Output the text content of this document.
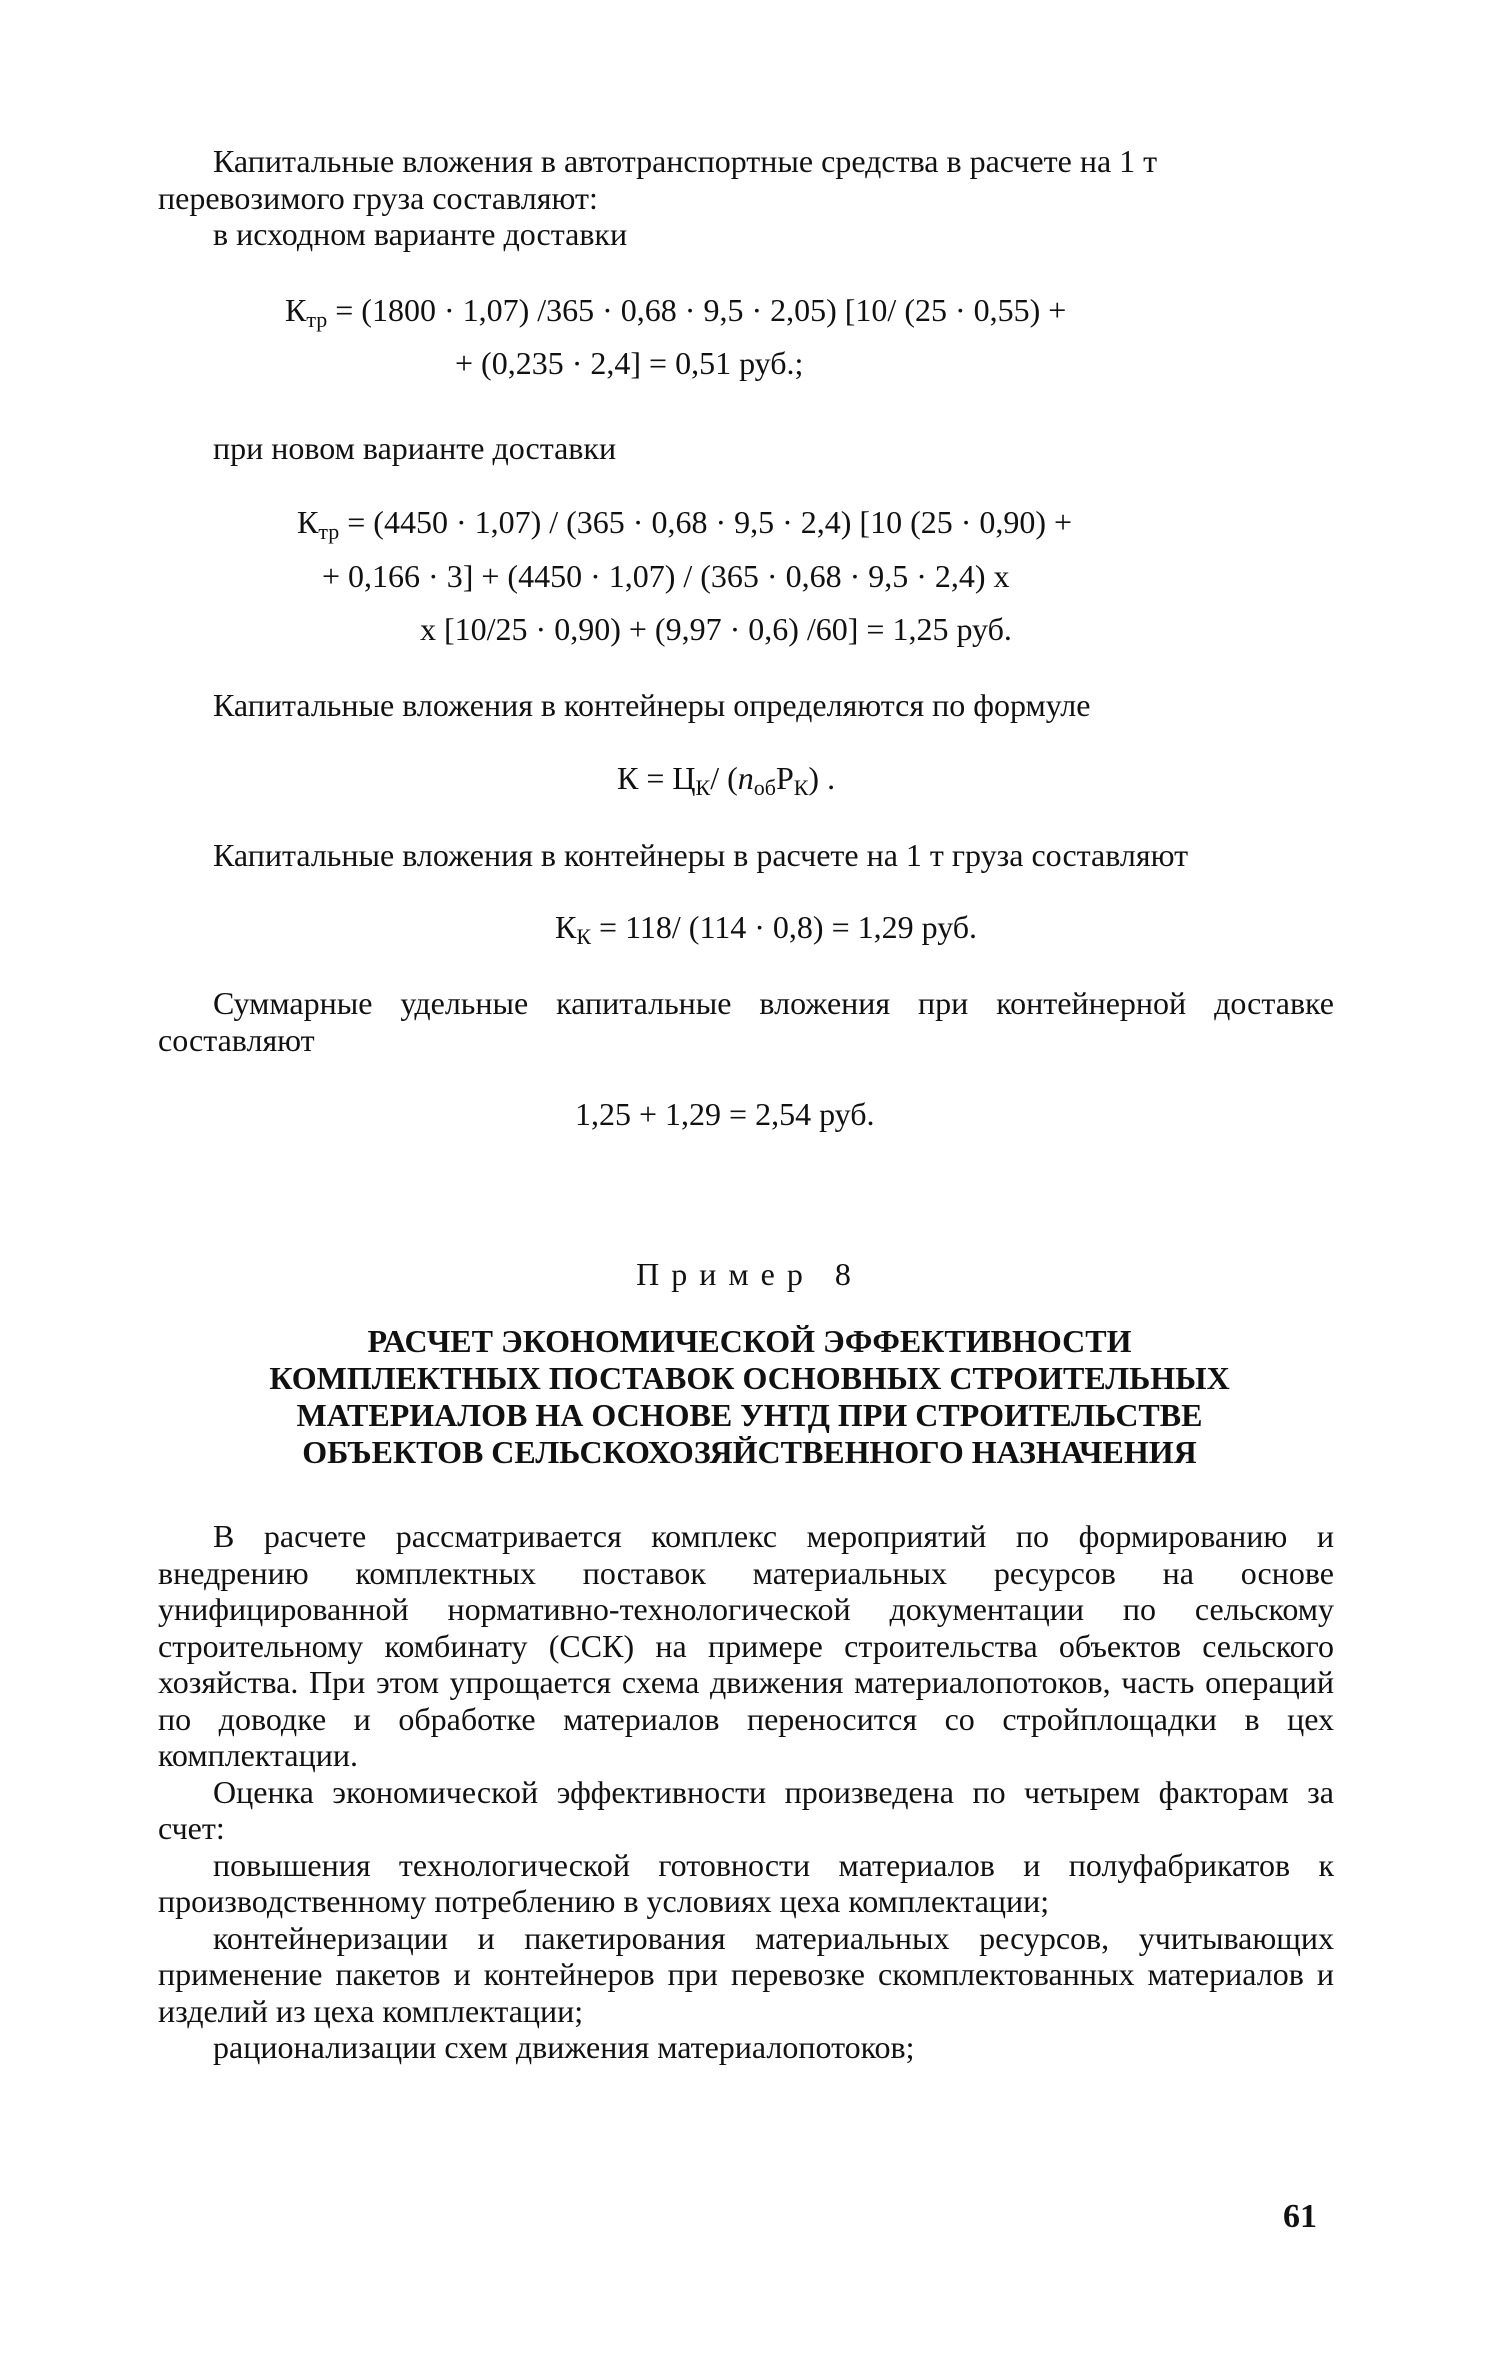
Капитальные вложения в автотранспортные средства в расчете на 1 т
перевозимого груза составляют:
в исходном варианте доставки
$К_{тр} = (1800 \cdot 1,07) /365 \cdot 0,68 \cdot 9,5 \cdot 2,05$) [10/ (25 · 0,55) +
+ (0,235 · 2,4] = 0,51 руб.;
при новом варианте доставки
$К_{тр} = (4450 \cdot 1,07) / (365 \cdot 0,68 \cdot 9,5 \cdot 2,4)$ [10 (25 · 0,90) +
+ 0,166 · 3] + (4450 · 1,07) / (365 · 0,68 · 9,5 · 2,4) x
x [10/25 · 0,90) + (9,97 · 0,6) /60] = 1,25 руб.
Капитальные вложения в контейнеры определяются по формуле
$К = Ц_К/$ $(n_{об}Р_К)$ .
Капитальные вложения в контейнеры в расчете на 1 т груза составляют
$К_К = 118/$ (114 · 0,8) = 1,29 руб.
Суммарные удельные капитальные вложения при контейнерной доставке составляют
1,25 + 1,29 = 2,54 руб.
Пример 8
РАСЧЕТ ЭКОНОМИЧЕСКОЙ ЭФФЕКТИВНОСТИ
КОМПЛЕКТНЫХ ПОСТАВОК ОСНОВНЫХ СТРОИТЕЛЬНЫХ
МАТЕРИАЛОВ НА ОСНОВЕ УНТД ПРИ СТРОИТЕЛЬСТВЕ
ОБЪЕКТОВ СЕЛЬСКОХОЗЯЙСТВЕННОГО НАЗНАЧЕНИЯ
В расчете рассматривается комплекс мероприятий по формированию и внедрению комплектных поставок материальных ресурсов на основе унифицированной нормативно-технологической документации по сельскому строительному комбинату (ССК) на примере строительства объектов сельского хозяйства. При этом упрощается схема движения материалопотоков, часть операций по доводке и обработке материалов переносится со стройплощадки в цех комплектации.
Оценка экономической эффективности произведена по четырем факторам за счет:
повышения технологической готовности материалов и полуфабрикатов к производственному потреблению в условиях цеха комплектации;
контейнеризации и пакетирования материальных ресурсов, учитывающих применение пакетов и контейнеров при перевозке скомплектованных материалов и изделий из цеха комплектации;
рационализации схем движения материалопотоков;
61
